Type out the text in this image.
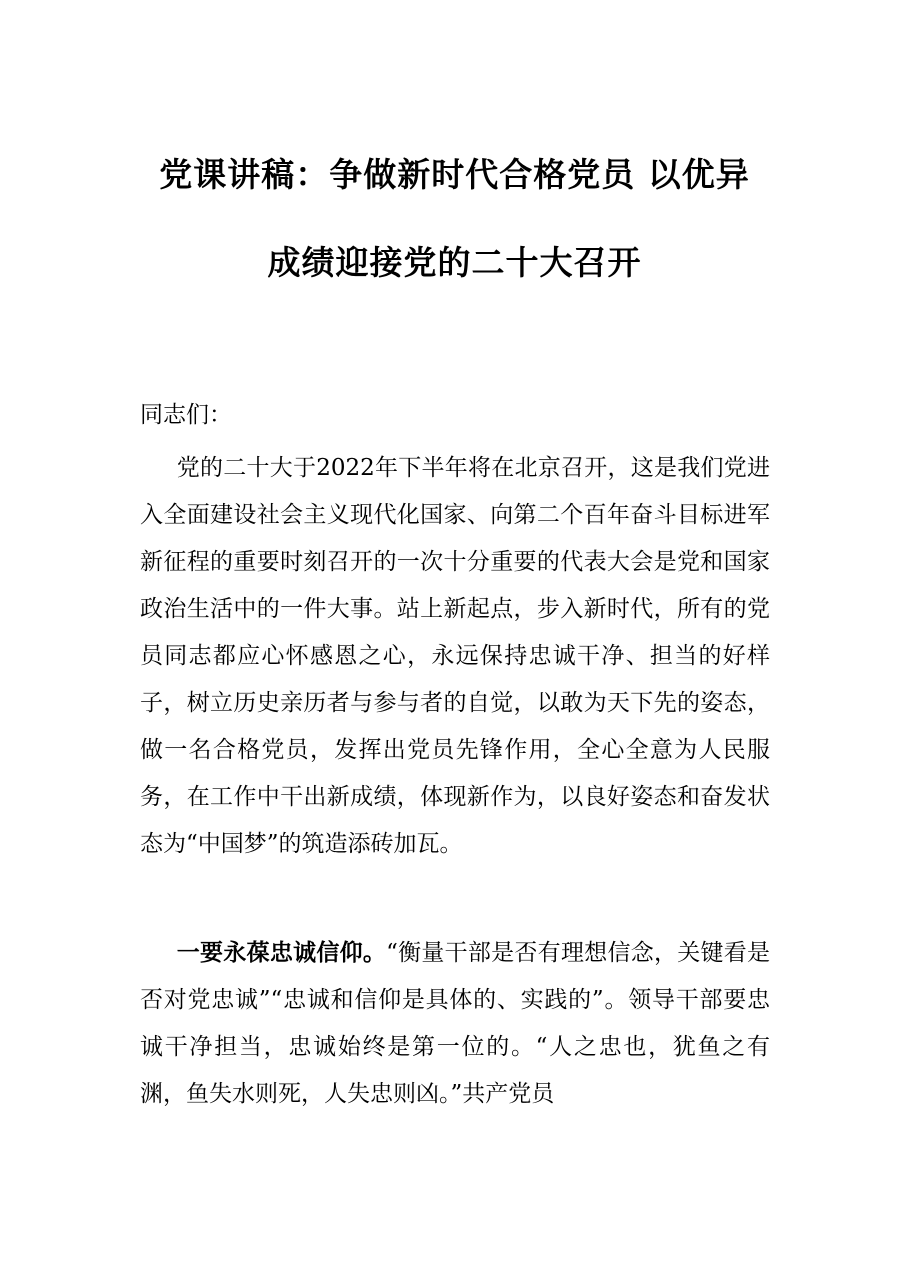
党课讲稿：争做新时代合格党员 以优异
成绩迎接党的二十大召开
同志们：
党的二十大于2022年下半年将在北京召开，这是我们党进入全面建设社会主义现代化国家、向第二个百年奋斗目标进军新征程的重要时刻召开的一次十分重要的代表大会是党和国家政治生活中的一件大事。站上新起点，步入新时代，所有的党员同志都应心怀感恩之心，永远保持忠诚干净、担当的好样子，树立历史亲历者与参与者的自觉，以敢为天下先的姿态，做一名合格党员，发挥出党员先锋作用，全心全意为人民服务，在工作中干出新成绩，体现新作为，以良好姿态和奋发状态为“中国梦”的筑造添砖加瓦。
一要永葆忠诚信仰。“衡量干部是否有理想信念，关键看是否对党忠诚”“忠诚和信仰是具体的、实践的”。领导干部要忠诚干净担当，忠诚始终是第一位的。“人之忠也，犹鱼之有渊，鱼失水则死，人失忠则凶。”共产党员
